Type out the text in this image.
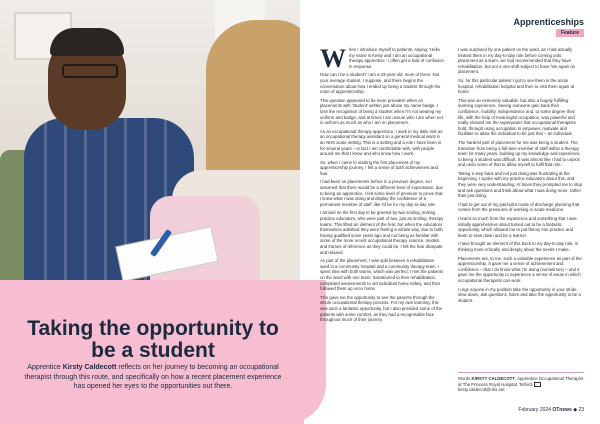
Taking the opportunity to be a student

Apprentice Kirsty Caldecott reflects on her journey to becoming an occupational therapist through this route, and specifically on how a recent placement experience has opened her eyes to the opportunities out there.

Apprenticeships
Feature

When I introduce myself to patients, saying, 'Hello my name is Kirsty and I am an occupational therapy apprentice,' I often get a look of confusion in response.

How can I be a student? I am a 33-year-old, mum of three. Not your average student, I suppose, and there begins the conversation about how I ended up being a student through the route of apprenticeship.

This question appeared to be more prevalent when on placements with 'student' written just above my name badge. I lose the recognition of being a student when I'm not wearing my uniform and badge, and at times I am unsure who I am when not in uniform as much as who I am on placement.

As an occupational therapy apprentice, I work in my daily role as an occupational therapy assistant on a general medical ward in an NHS acute setting. This is a setting and a role I have been in for several years – in fact I am comfortable with, with people around me that I know and who know how I work.

So, when I came to starting the first placement of my apprenticeship journey, I felt a sense of both achievement and fear.

I had been on placements before in a previous degree, so I assumed that there would be a different level of expectation, due to being an apprentice. I felt some level of pressure to prove that I knew what I was doing and display the confidence of a permanent member of staff, like I'd be for my day-to-day role.

I arrived on the first day to be greeted by two smiling, inviting practice educators, who were part of two, just as smiling, therapy teams. This lifted an element of the fear, but when the educators themselves admitted they were feeling a similar way, due to both having qualified some years ago and not being as familiar with some of the more recent occupational therapy science, models and frames of reference as they could be, I felt the fear dissipate and relaxed.

As part of the placement, I was split between a rehabilitation ward in a community hospital and a community therapy team. I spent time with both teams, which was perfect; I met the patients on the ward with one team, transitioned to their rehabilitation, completed assessments to set individual home safety, and then followed them up once home.

This gave me the opportunity to see the patients through the whole occupational therapy process. For my own learning, this was such a fantastic opportunity, but I also provided some of the patients with some comfort, as they had a recognisable face throughout much of their journey.

I was surprised by one patient on the ward, as I had actually treated them in my day-to-day role before coming onto placement as a team, we had recommended that they have rehabilitation, but not a one-shift subject to have him again on placement.

So, for this particular patient I got to see them in the acute hospital, rehabilitation hospital and then to visit them again at home.

This was an extremely valuable, but also a hugely fulfilling learning experience. Seeing someone gain back their confidence, mobility, independence and, to some degree their life, with the help of meaningful occupation, was powerful and really showed me the superpower that occupational therapists hold, through using occupation to empower, motivate and facilitate to allow the individual to be just that – an individual.

The hardest part of placement for me was being a student. The transition from being a full-time member of staff within a therapy team for many years, building up my knowledge and experience, to being a student was difficult. It was almost like I had to unpick and undo some of that to allow myself to fulfil that role.

Taking a step back and not just doing was frustrating at the beginning. I spoke with my practice educators about this, and they were very understanding. At times they prompted me to stop and ask questions and think about what I was doing more, rather than just doing.

I had to get out of my paid-pilot mode of discharge planning that comes from the pressures of working in acute medicine.

I learnt so much from the experience and something that I was initially apprehensive about turned out to be a fantastic opportunity, which allowed me to put theory into practice and learn to slow down and be a learner.

I have brought an element of this back to my day-to-day role, in thinking more critically and deeply about the needs I make.

Placements are, to me, such a valuable experience as part of the apprenticeship. It gave me a sense of achievement and confidence – that I do know what I'm doing (sometimes) – and it gave me the opportunity to experience a sense of areas in which occupational therapists can work.

I urge anyone in my position take the opportunity in your stride, slow down, ask questions, listen and take the opportunity to be a student.

Words KIRSTY CALDECOTT, Apprentice Occupational Therapist at The Princess Royal Hospital, Telford. kirsty.caldecott@nhs.net

February 2024 OTnews ◆ 23
